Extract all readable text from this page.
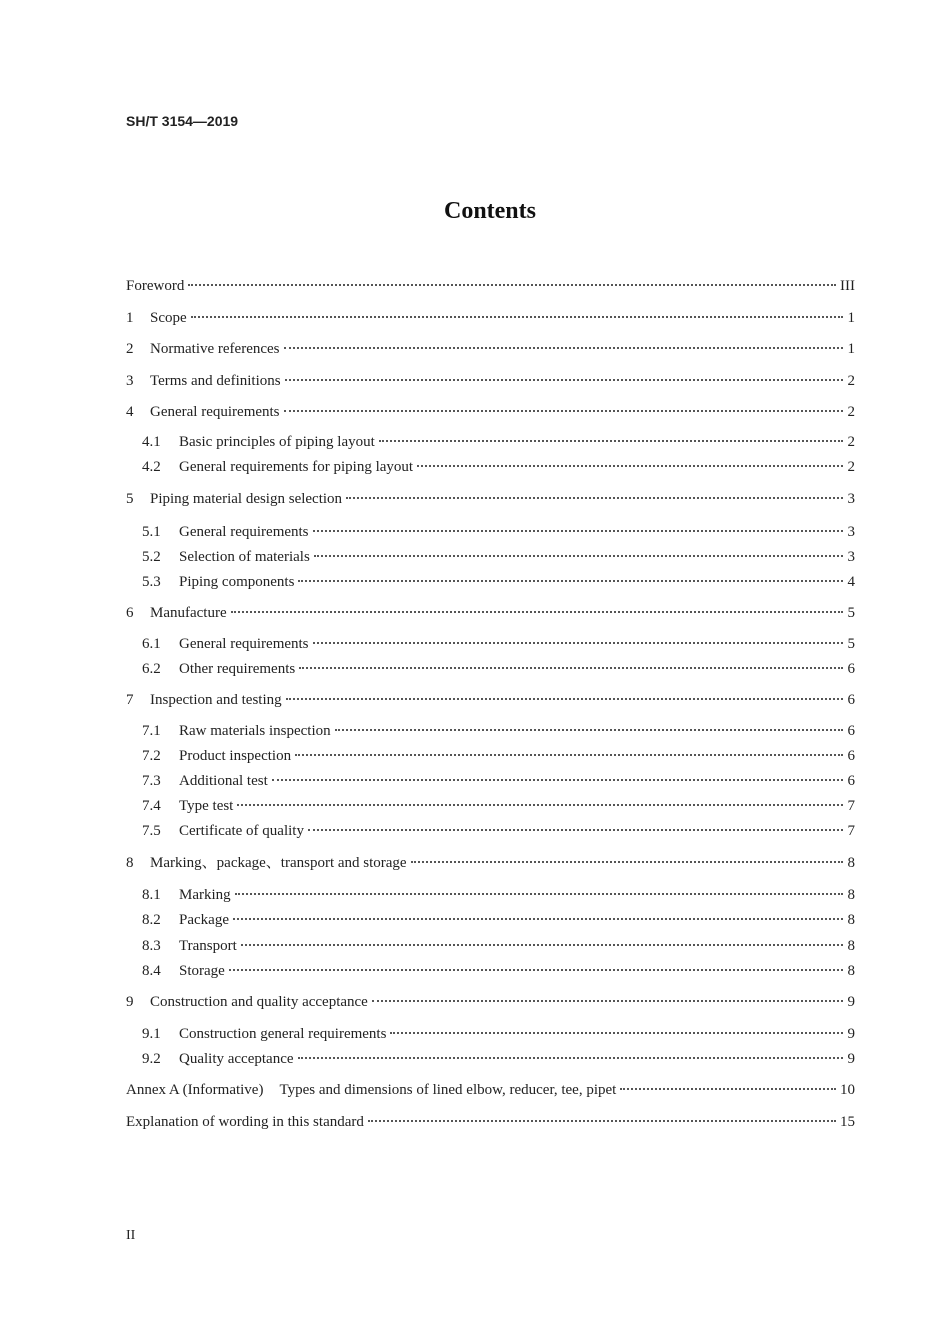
SH/T 3154—2019
Contents
Foreword	III
1	Scope	1
2	Normative references	1
3	Terms and definitions	2
4	General requirements	2
4.1	Basic principles of piping layout	2
4.2	General requirements for piping layout	2
5	Piping material design selection	3
5.1	General requirements	3
5.2	Selection of materials	3
5.3	Piping components	4
6	Manufacture	5
6.1	General requirements	5
6.2	Other requirements	6
7	Inspection and testing	6
7.1	Raw materials inspection	6
7.2	Product inspection	6
7.3	Additional test	6
7.4	Type test	7
7.5	Certificate of quality	7
8	Marking、package、transport and storage	8
8.1	Marking	8
8.2	Package	8
8.3	Transport	8
8.4	Storage	8
9	Construction and quality acceptance	9
9.1	Construction general requirements	9
9.2	Quality acceptance	9
Annex A (Informative) Types and dimensions of lined elbow, reducer, tee, pipet	10
Explanation of wording in this standard	15
II
